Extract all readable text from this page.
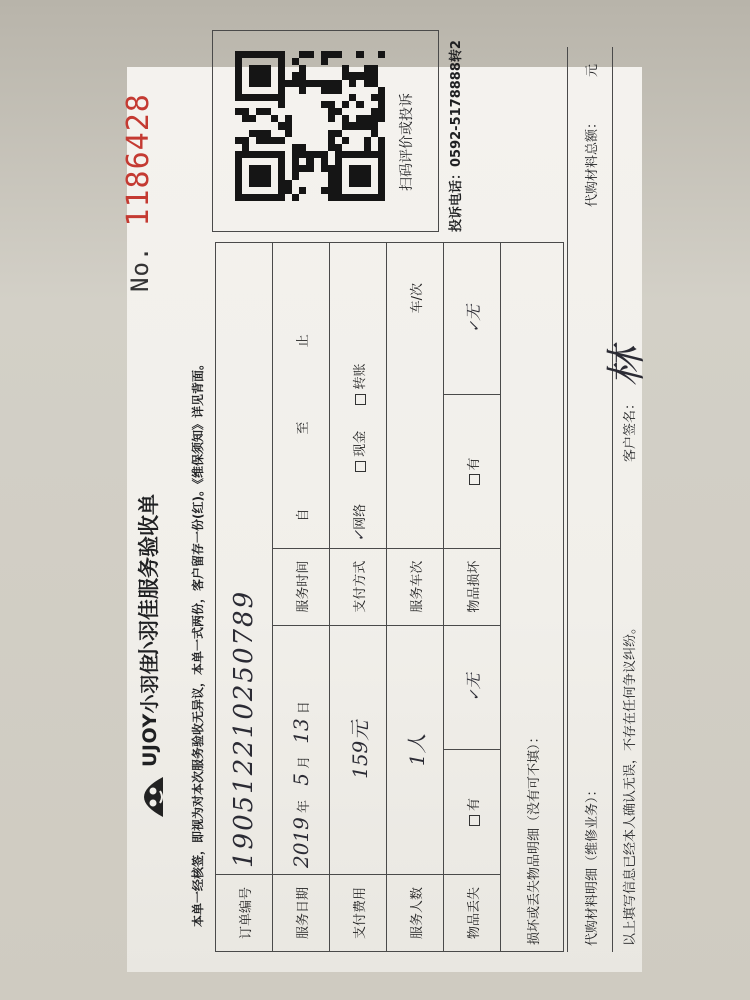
UJOY小羽佳
小羽佳服务验收单
No. 1186428
本单一经核签，即视为对本次服务验收无异议，本单一式两份，客户留存一份(红)。《维保须知》详见背面。
扫码评价或投诉	投诉电话：0592-5178888转2
订单编号	190512210250789				
服务日期	2019 年 5 月 13 日		服务时间	自 至 止	
支付费用	159元		支付方式	✓网络 现金 转账	
服务人数	1人		服务车次	车/次	
物品丢失	有	✓无	物品损坏	有	✓无
损坏或丢失物品明细（没有可不填）：						代购材料明细（维修业务）：
代购材料总额：
元
以上填写信息已经本人确认无误，不存在任何争议纠纷。
客户签名：
林
